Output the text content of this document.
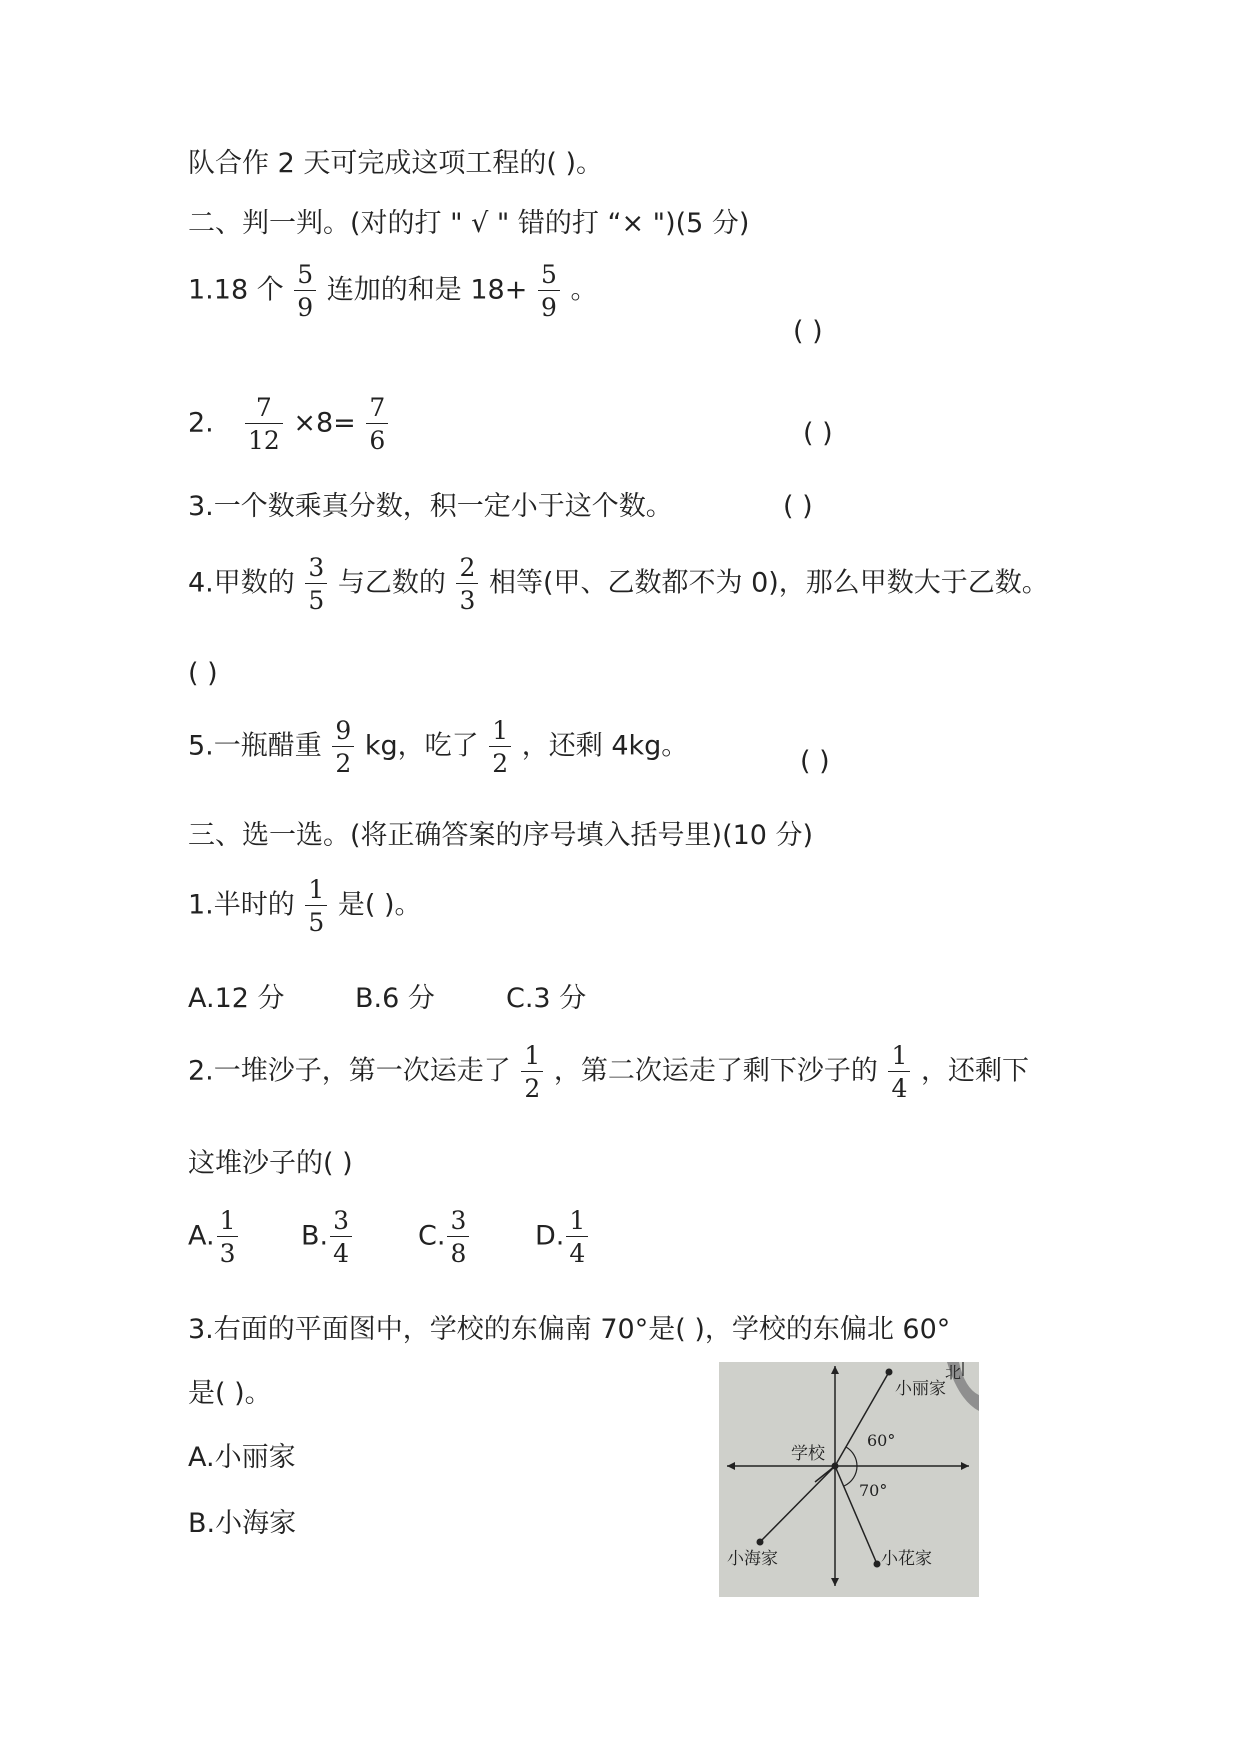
队合作 2 天可完成这项工程的( )。
二、判一判。(对的打 " √ " 错的打 “× ")(5 分)
1.18 个 $\frac{5}{9}$ 连加的和是 $18+ \frac{5}{9}$ 。
( )
2. $\frac{7}{12} \times 8= \frac{7}{6}$	( )
3.一个数乘真分数，积一定小于这个数。	( )
4.甲数的 $\frac{3}{5}$ 与乙数的 $\frac{2}{3}$ 相等(甲、乙数都不为 0)，那么甲数大于乙数。
( )
5.一瓶醋重 $\frac{9}{2}$ kg，吃了 $\frac{1}{2}$ ，还剩 4kg。	( )
三、选一选。(将正确答案的序号填入括号里)(10 分)
1.半时的 $\frac{1}{5}$ 是( )。
A.12 分	B.6 分	C.3 分
2.一堆沙子，第一次运走了 $\frac{1}{2}$ ，第二次运走了剩下沙子的 $\frac{1}{4}$ ，还剩下
这堆沙子的( )
A. $\frac{1}{3} B$. $\frac{3}{4} C$. $\frac{3}{8} D$. $\frac{1}{4}$
3.右面的平面图中，学校的东偏南 70°是( )，学校的东偏北 60°
是( )。
A.小丽家
B.小海家
北
学校
小丽家
小海家	小花家
60°
70°
